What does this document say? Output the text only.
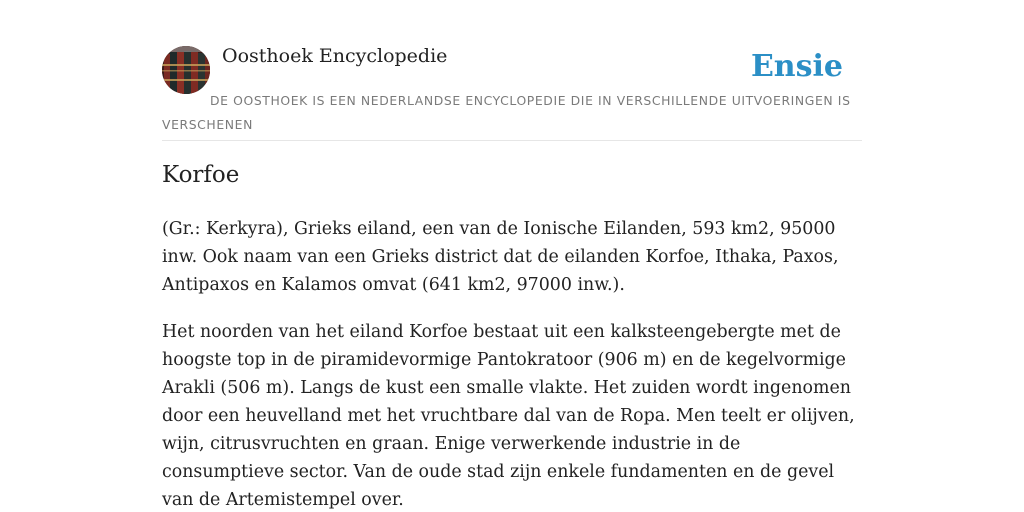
Oosthoek Encyclopedie	Ensie

DE OOSTHOEK IS EEN NEDERLANDSE ENCYCLOPEDIE DIE IN VERSCHILLENDE UITVOERINGEN IS VERSCHENEN

Korfoe

(Gr.: Kerkyra), Grieks eiland, een van de Ionische Eilanden, 593 km2, 95000 inw. Ook naam van een Grieks district dat de eilanden Korfoe, Ithaka, Paxos, Antipaxos en Kalamos omvat (641 km2, 97000 inw.).

Het noorden van het eiland Korfoe bestaat uit een kalksteengebergte met de hoogste top in de piramidevormige Pantokratoor (906 m) en de kegelvormige Arakli (506 m). Langs de kust een smalle vlakte. Het zuiden wordt ingenomen door een heuvelland met het vruchtbare dal van de Ropa. Men teelt er olijven, wijn, citrusvruchten en graan. Enige verwerkende industrie in de consumptieve sector. Van de oude stad zijn enkele fundamenten en de gevel van de Artemistempel over.
